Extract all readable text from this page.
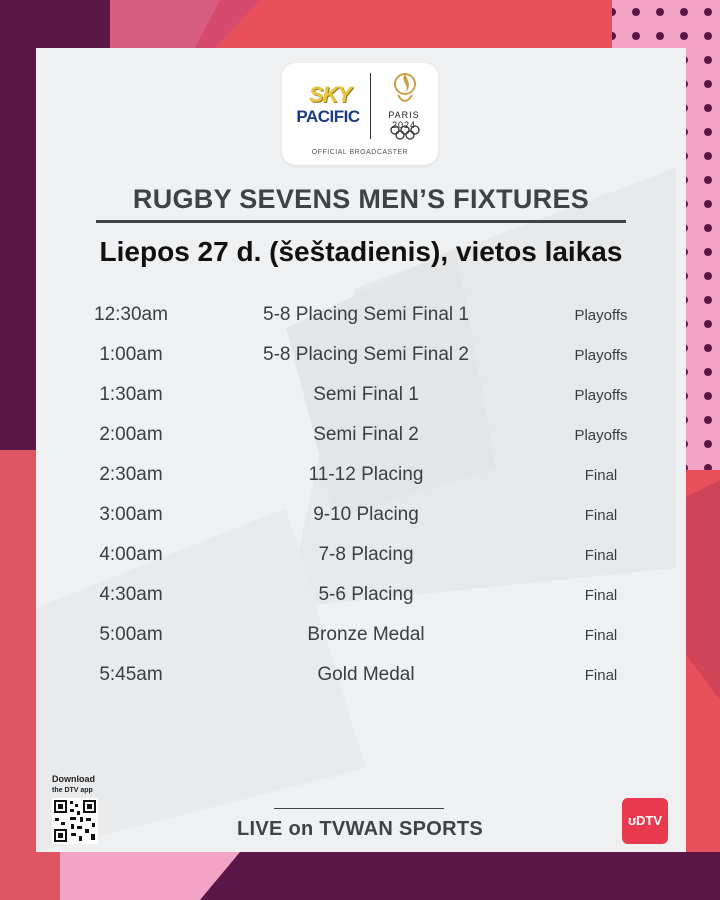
SKY
PACIFIC	PARIS 2024
OFFICIAL BROADCASTER
RUGBY SEVENS MEN’S FIXTURES
Liepos 27 d. (šeštadienis), vietos laikas
12:30am	5-8 Placing Semi Final 1	Playoffs
1:00am	5-8 Placing Semi Final 2	Playoffs
1:30am	Semi Final 1	Playoffs
2:00am	Semi Final 2	Playoffs
2:30am	11-12 Placing	Final
3:00am	9-10 Placing	Final
4:00am	7-8 Placing	Final
4:30am	5-6 Placing	Final
5:00am	Bronze Medal	Final
5:45am	Gold Medal	Final
Download
the DTV app
LIVE on TVWAN SPORTS	ʊDTV
